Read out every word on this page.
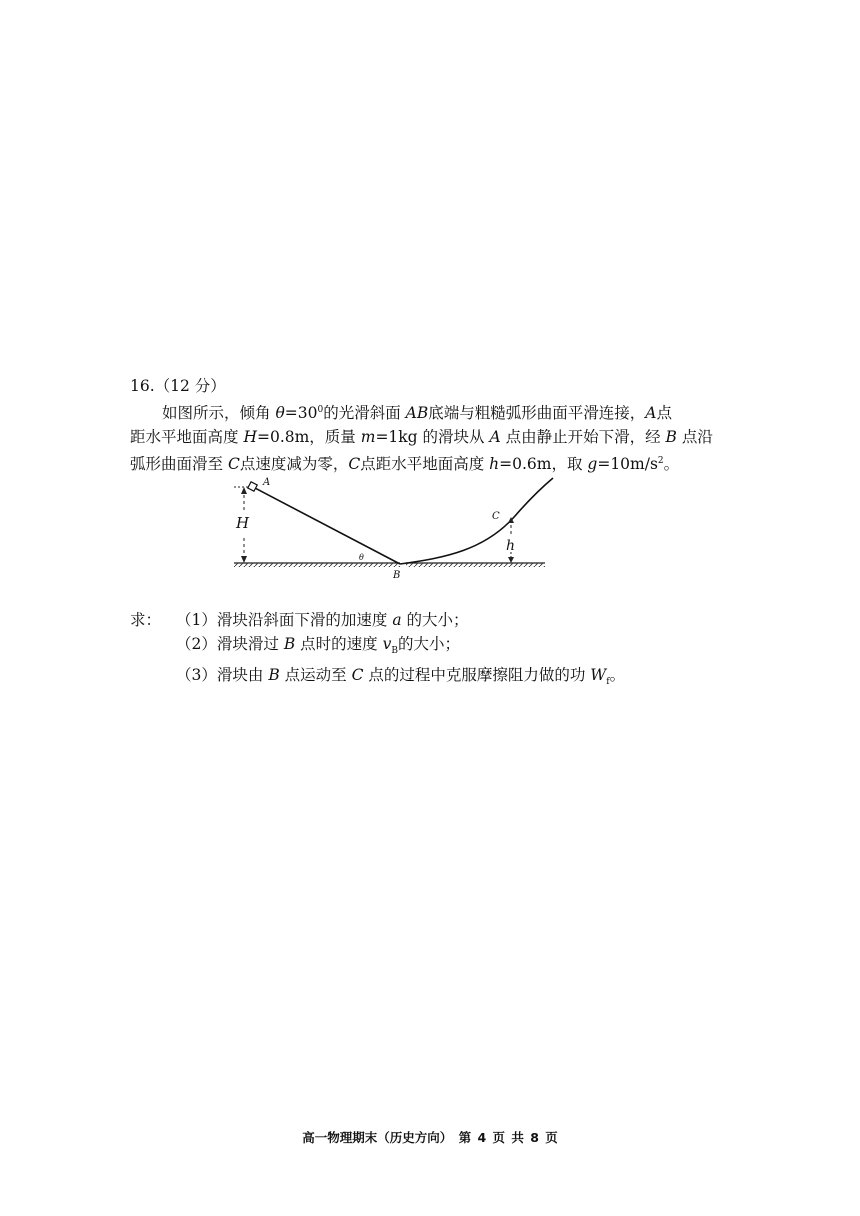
16.（12 分）

如图所示，倾角 $\theta=30^0$的光滑斜面 AB底端与粗糙弧形曲面平滑连接，A点

距水平地面高度 H=0.8m，质量 m=1kg 的滑块从 A 点由静止开始下滑，经 B 点沿

弧形曲面滑至 C点速度减为零，C点距水平地面高度 h=0.6m，取 $g=10m/s^2$。

A
H
θ
B
C
h
求： （1）滑块沿斜面下滑的加速度 a 的大小；
（2）滑块滑过 B 点时的速度 $v_B$的大小；
（3）滑块由 B 点运动至 C 点的过程中克服摩擦阻力做的功 $W_f$。
高一物理期末（历史方向） 第 4 页 共 8 页
